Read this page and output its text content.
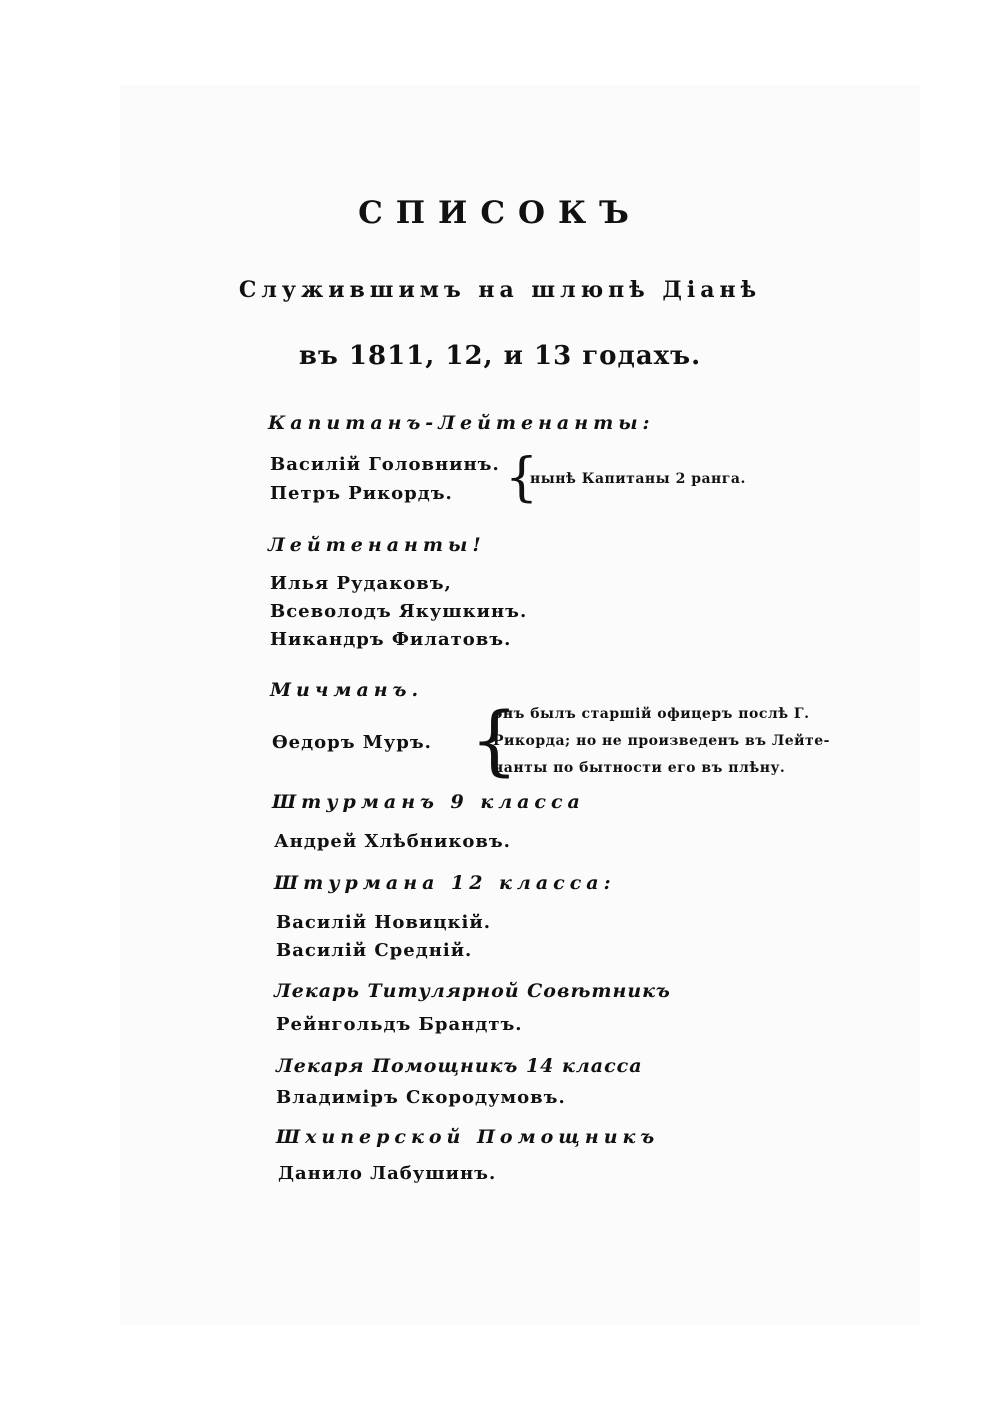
СПИСОКЪ
Служившимъ на шлюпѣ Діанѣ
въ 1811, 12, и 13 годахъ.
Капитанъ-Лейтенанты:
Василій Головнинъ.
Петръ Рикордъ. {
нынѣ Капитаны 2 ранга.
Лейтенанты!
Илья Рудаковъ,
Всеволодъ Якушкинъ.
Никандръ Филатовъ.
Мичманъ.
Ѳедоръ Муръ. {
онъ былъ старшій офицеръ послѣ Г.
Рикорда; но не произведенъ въ Лейте-
нанты по бытности его въ плѣну.
Штурманъ 9 класса
Андрей Хлѣбниковъ.
Штурмана 12 класса:
Василій Новицкій.
Василій Средній.
Лекарь Титулярной Совѣтникъ
Рейнгольдъ Брандтъ.
Лекаря Помощникъ 14 класса
Владиміръ Скородумовъ.
Шхиперской Помощникъ
Данило Лабушинъ.
